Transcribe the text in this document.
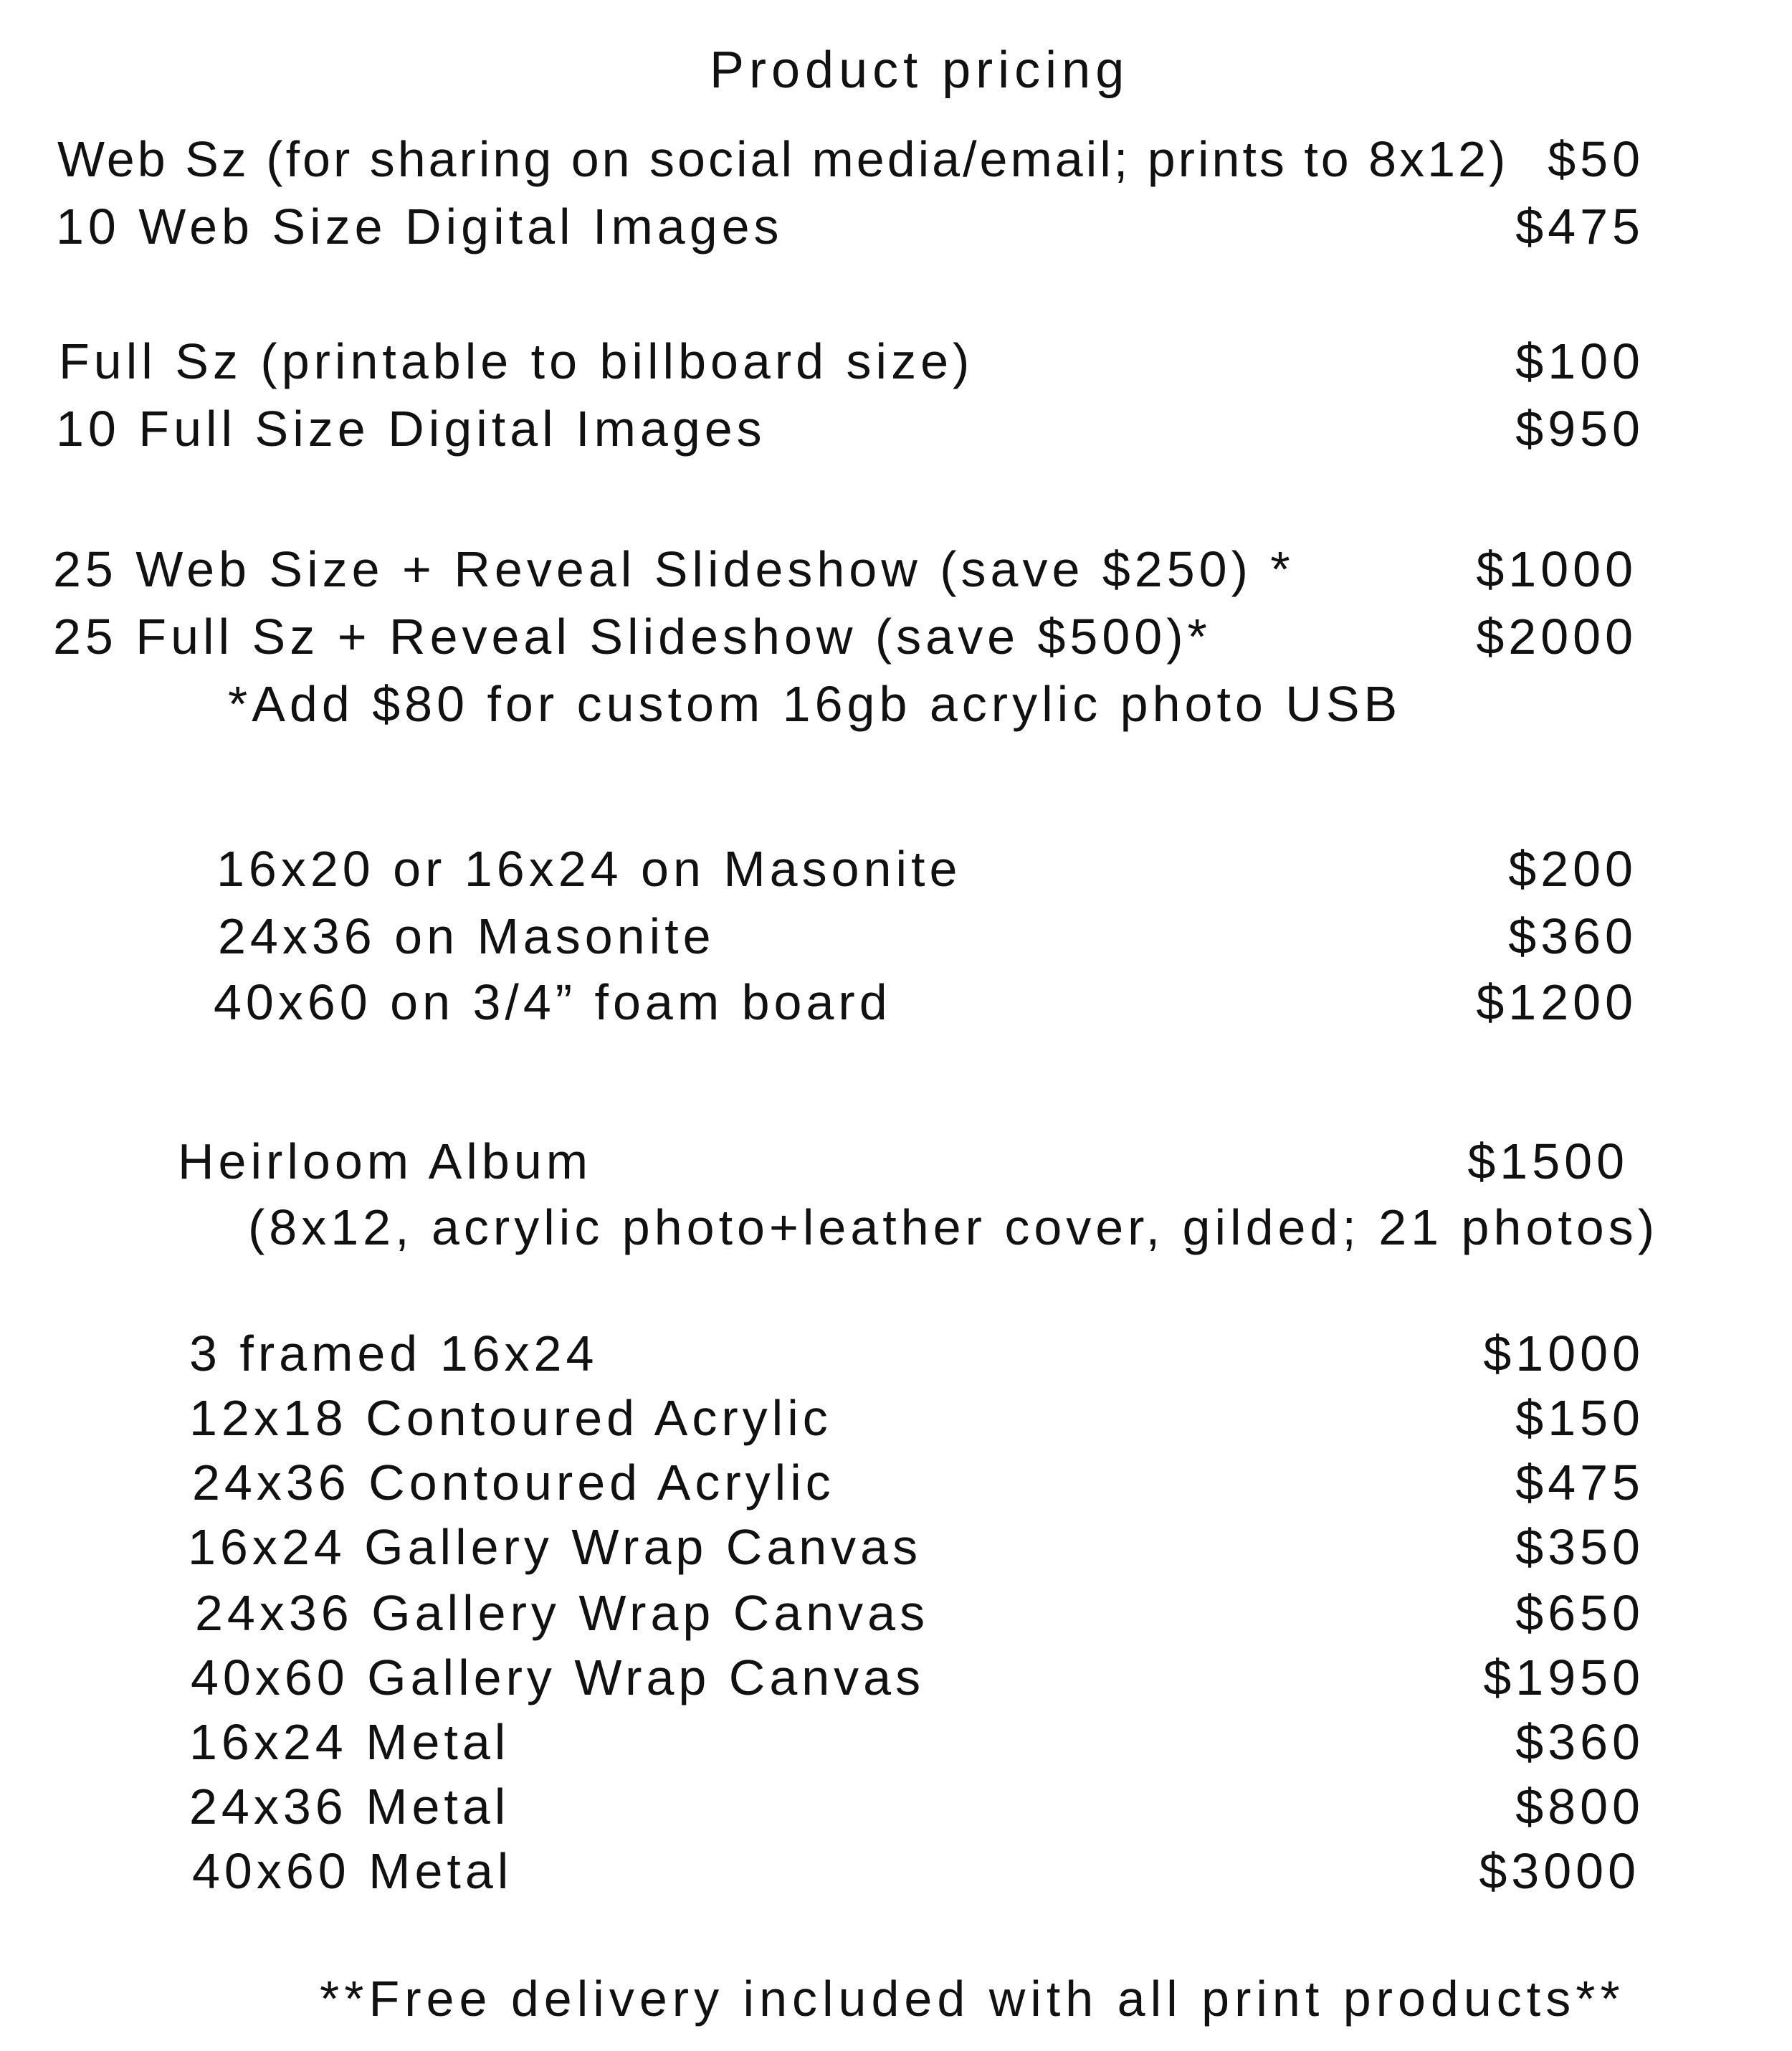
Product pricing
Web Sz (for sharing on social media/email; prints to 8x12) $50
10 Web Size Digital Images	$475
Full Sz (printable to billboard size)	$100
10 Full Size Digital Images	$950
25 Web Size + Reveal Slideshow (save $250) *	$1000
25 Full Sz + Reveal Slideshow (save $500)*	$2000
*Add $80 for custom 16gb acrylic photo USB
16x20 or 16x24 on Masonite	$200
24x36 on Masonite	$360
40x60 on 3/4” foam board	$1200
Heirloom Album	$1500
(8x12, acrylic photo+leather cover, gilded; 21 photos)
3 framed 16x24	$1000
12x18 Contoured Acrylic	$150
24x36 Contoured Acrylic	$475
16x24 Gallery Wrap Canvas	$350
24x36 Gallery Wrap Canvas	$650
40x60 Gallery Wrap Canvas	$1950
16x24 Metal	$360
24x36 Metal	$800
40x60 Metal	$3000
**Free delivery included with all print products**
